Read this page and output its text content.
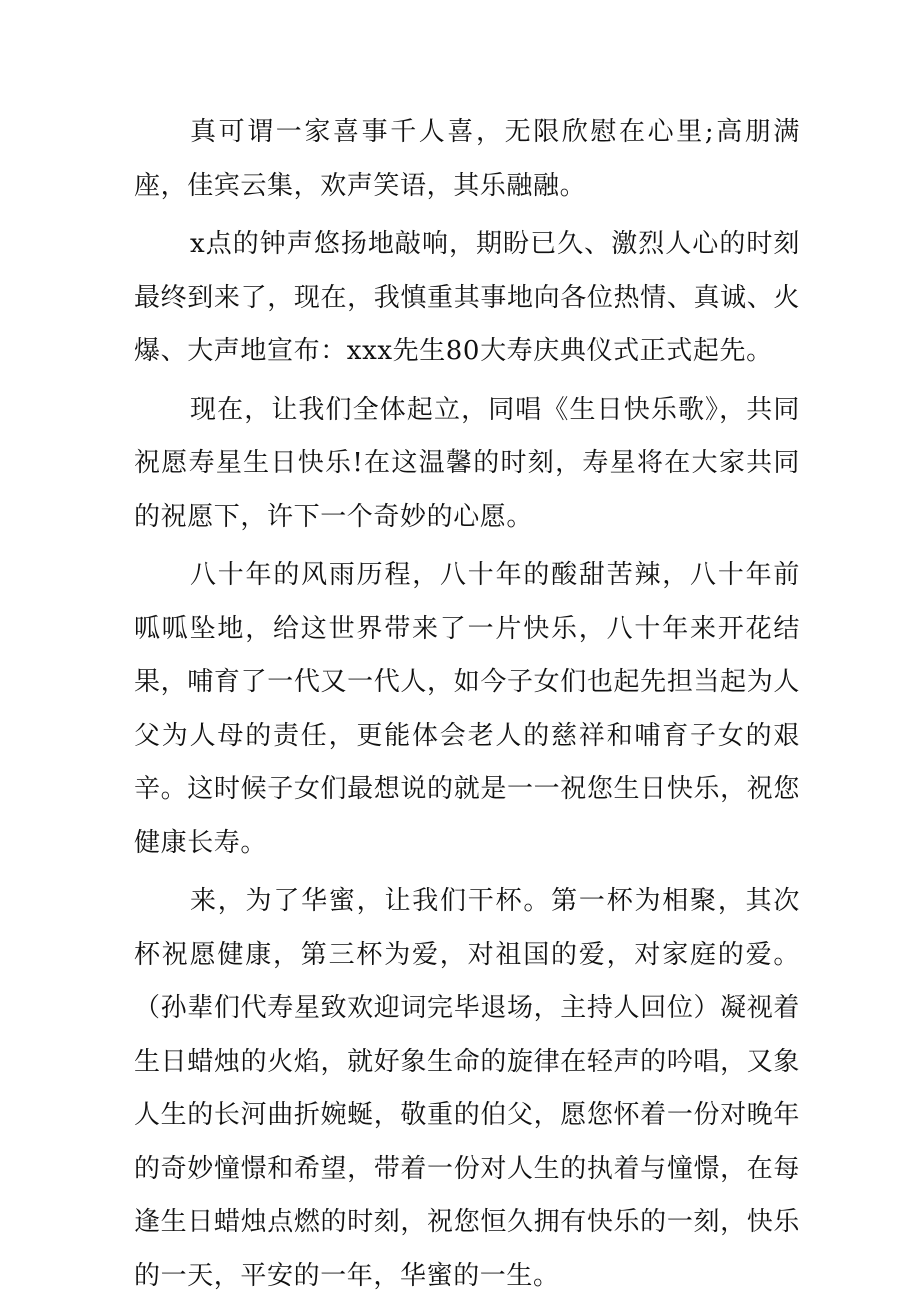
真可谓一家喜事千人喜，无限欣慰在心里;高朋满座，佳宾云集，欢声笑语，其乐融融。

x点的钟声悠扬地敲响，期盼已久、激烈人心的时刻最终到来了，现在，我慎重其事地向各位热情、真诚、火爆、大声地宣布：xxx先生80大寿庆典仪式正式起先。

现在，让我们全体起立，同唱《生日快乐歌》，共同祝愿寿星生日快乐!在这温馨的时刻，寿星将在大家共同的祝愿下，许下一个奇妙的心愿。

八十年的风雨历程，八十年的酸甜苦辣，八十年前呱呱坠地，给这世界带来了一片快乐，八十年来开花结果，哺育了一代又一代人，如今子女们也起先担当起为人父为人母的责任，更能体会老人的慈祥和哺育子女的艰辛。这时候子女们最想说的就是一一祝您生日快乐，祝您健康长寿。

来，为了华蜜，让我们干杯。第一杯为相聚，其次杯祝愿健康，第三杯为爱，对祖国的爱，对家庭的爱。（孙辈们代寿星致欢迎词完毕退场，主持人回位）凝视着生日蜡烛的火焰，就好象生命的旋律在轻声的吟唱，又象人生的长河曲折婉蜒，敬重的伯父，愿您怀着一份对晚年的奇妙憧憬和希望，带着一份对人生的执着与憧憬，在每逢生日蜡烛点燃的时刻，祝您恒久拥有快乐的一刻，快乐的一天，平安的一年，华蜜的一生。
